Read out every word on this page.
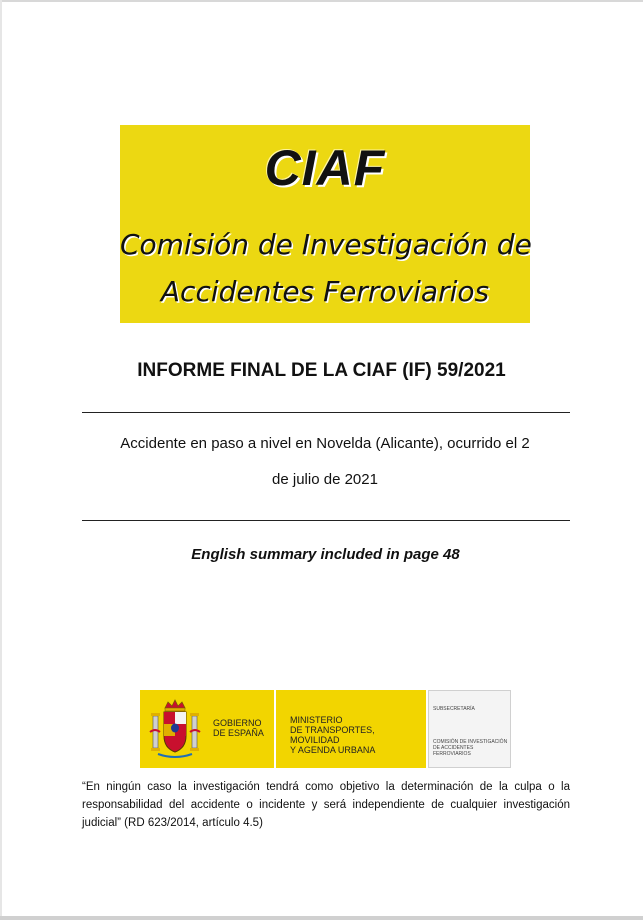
CIAF
Comisión de Investigación de
Accidentes Ferroviarios
INFORME FINAL DE LA CIAF (IF) 59/2021
Accidente en paso a nivel en Novelda (Alicante), ocurrido el 2
de julio de 2021
English summary included in page 48
GOBIERNO
DE ESPAÑA
MINISTERIO
DE TRANSPORTES, MOVILIDAD
Y AGENDA URBANA
SUBSECRETARÍA
COMISIÓN DE INVESTIGACIÓN
DE ACCIDENTES FERROVIARIOS
“En ningún caso la investigación tendrá como objetivo la determinación de la culpa o la responsabilidad del accidente o incidente y será independiente de cualquier investigación judicial” (RD 623/2014, artículo 4.5)
